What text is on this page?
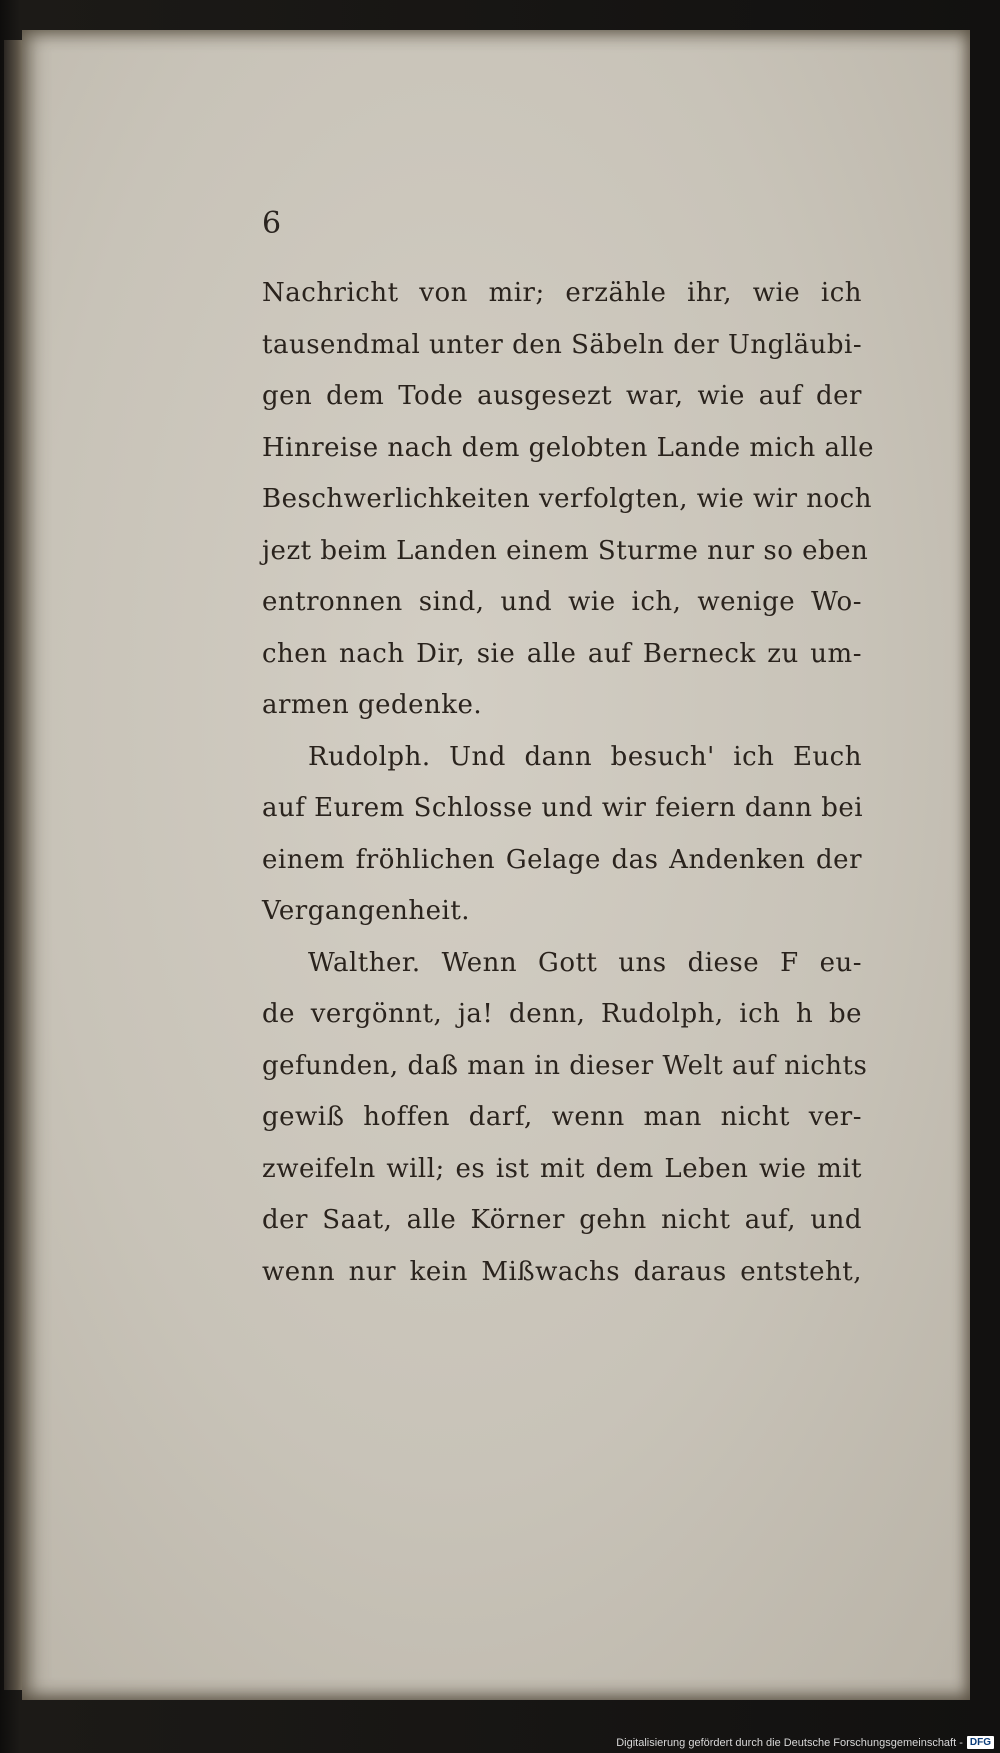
6
Nachricht von mir; erzähle ihr, wie ich
tausendmal unter den Säbeln der Ungläubi-
gen dem Tode ausgesezt war, wie auf der
Hinreise nach dem gelobten Lande mich alle
Beschwerlichkeiten verfolgten, wie wir noch
jezt beim Landen einem Sturme nur so eben
entronnen sind, und wie ich, wenige Wo-
chen nach Dir, sie alle auf Berneck zu um-
armen gedenke.
Rudolph. Und dann besuch' ich Euch
auf Eurem Schlosse und wir feiern dann bei
einem fröhlichen Gelage das Andenken der
Vergangenheit.
Walther. Wenn Gott uns diese F eu-
de vergönnt, ja! denn, Rudolph, ich h be
gefunden, daß man in dieser Welt auf nichts
gewiß hoffen darf, wenn man nicht ver-
zweifeln will; es ist mit dem Leben wie mit
der Saat, alle Körner gehn nicht auf, und
wenn nur kein Mißwachs daraus entsteht,
Digitalisierung gefördert durch die Deutsche Forschungsgemeinschaft - DFG
